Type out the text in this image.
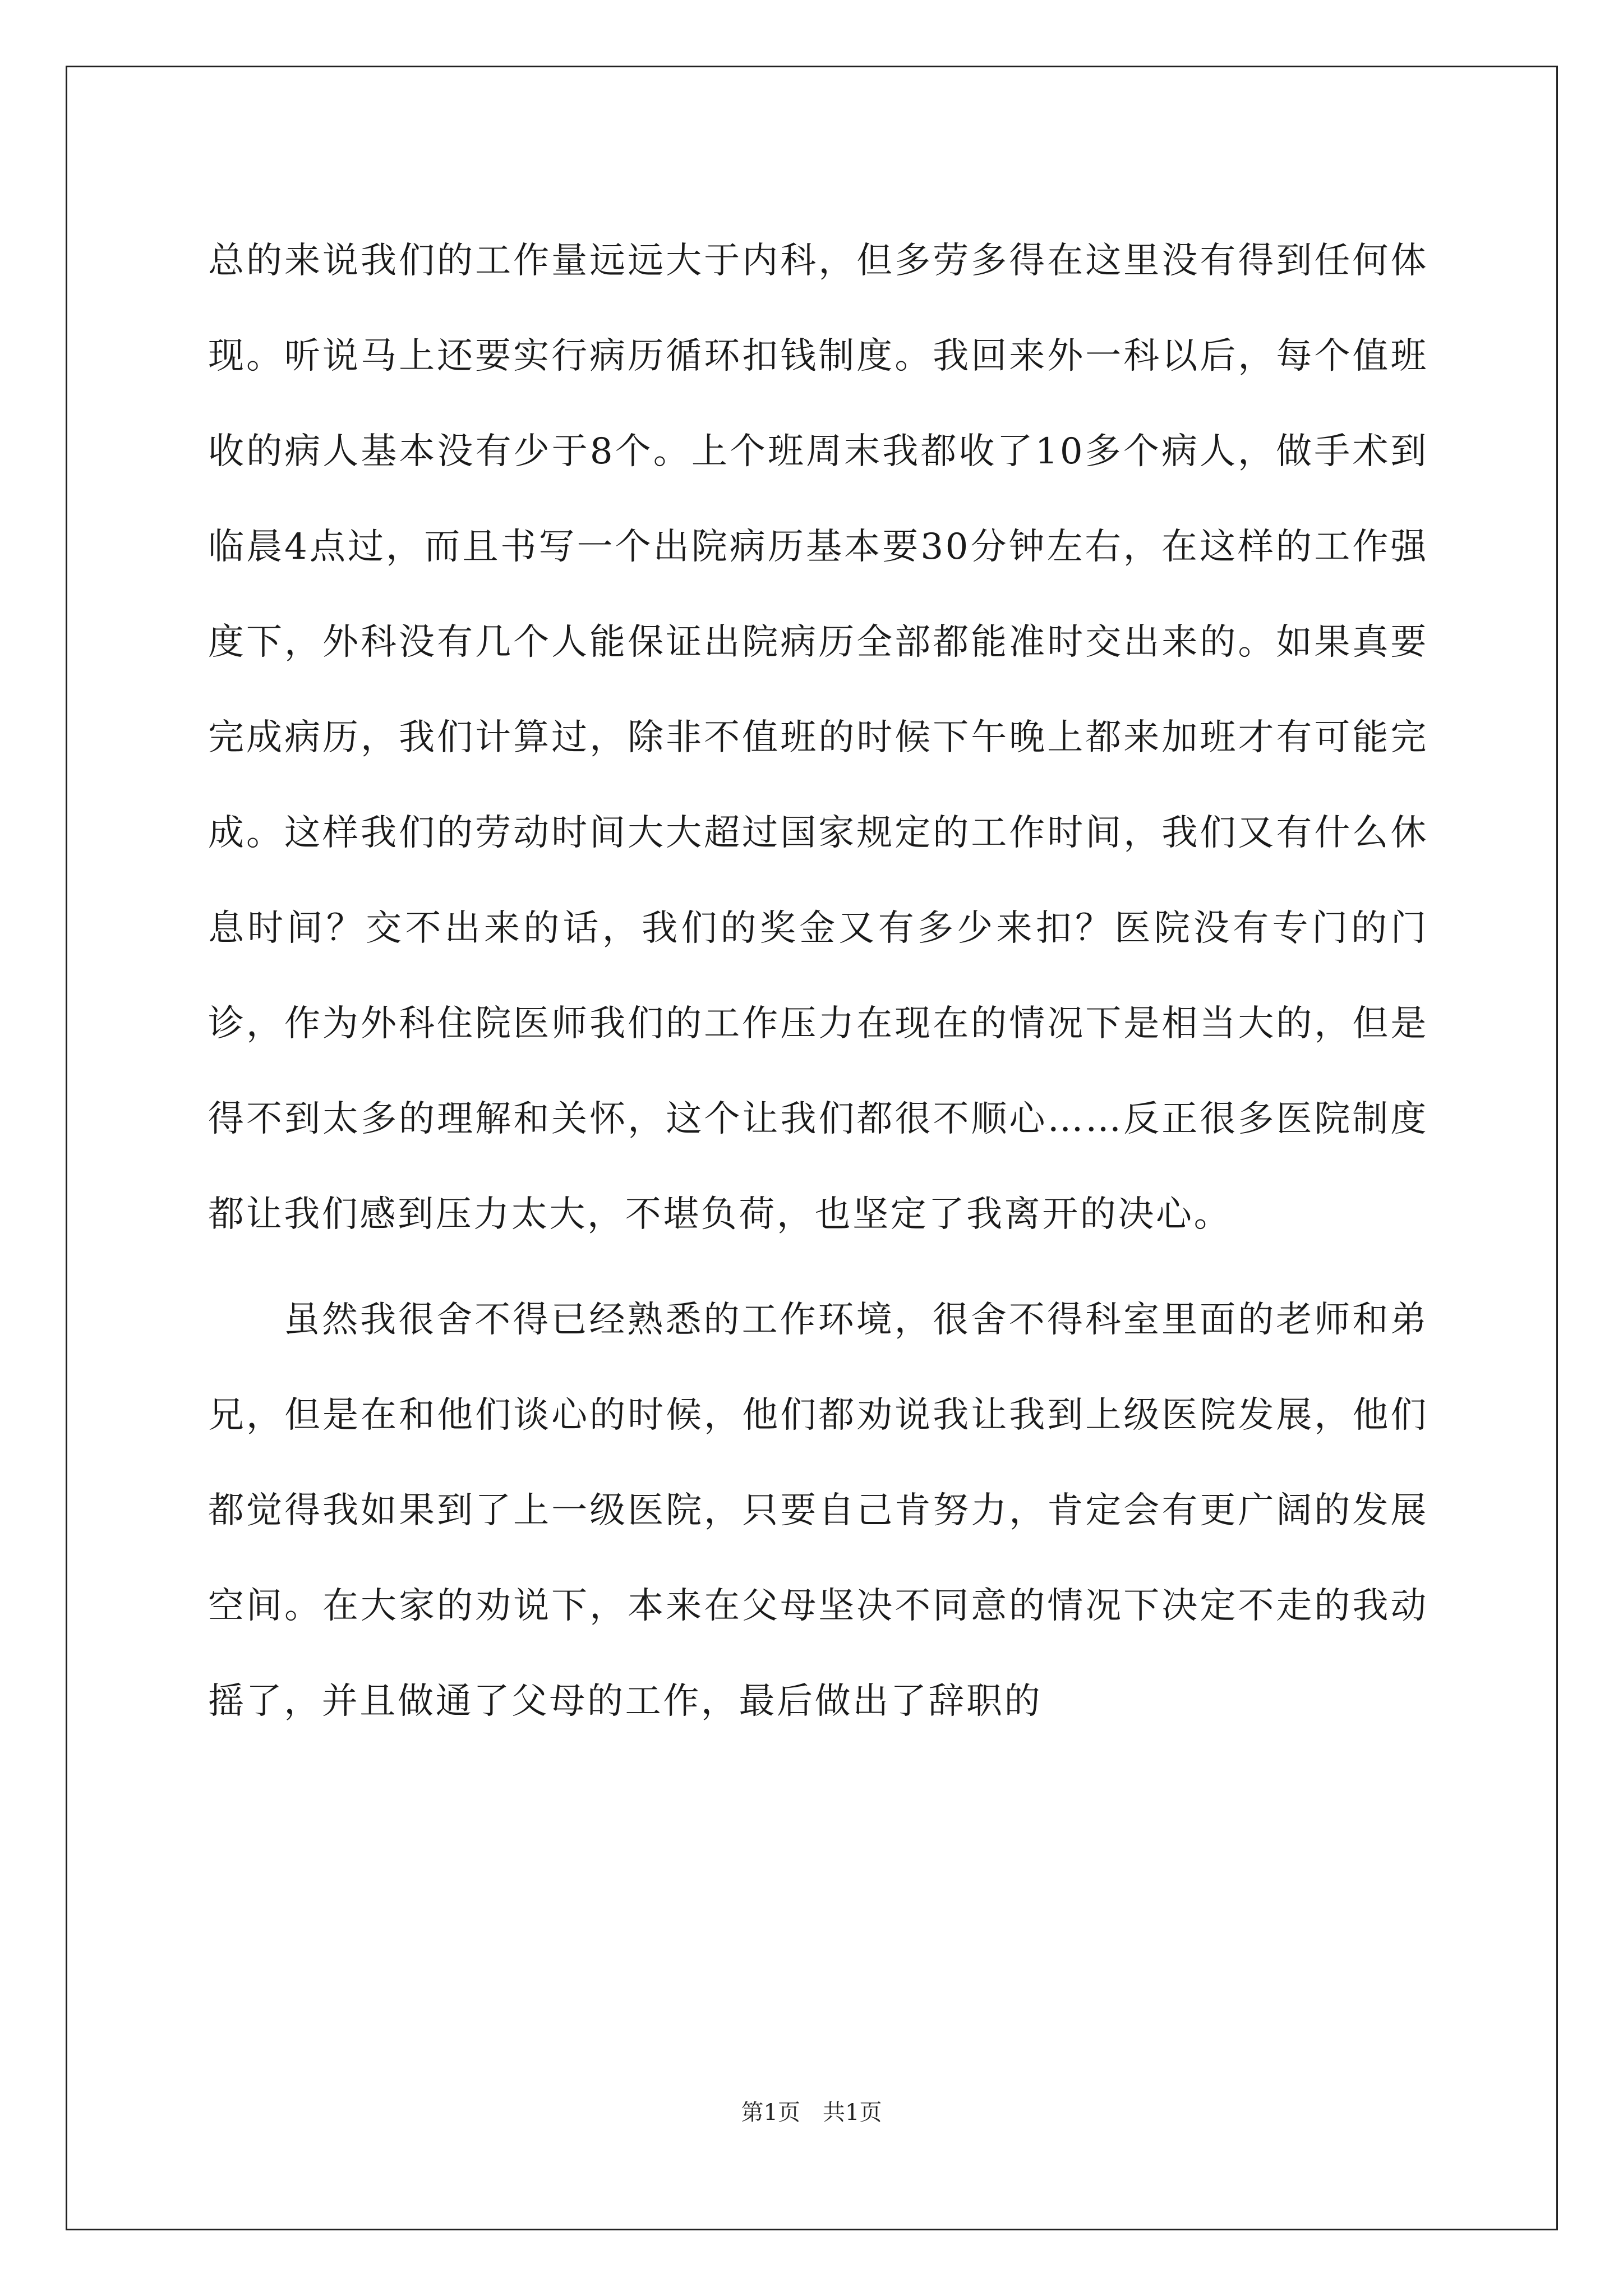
总的来说我们的工作量远远大于内科，但多劳多得在这里没有得到任何体现。听说马上还要实行病历循环扣钱制度。我回来外一科以后，每个值班收的病人基本没有少于8个。上个班周末我都收了10多个病人，做手术到临晨4点过，而且书写一个出院病历基本要30分钟左右，在这样的工作强度下，外科没有几个人能保证出院病历全部都能准时交出来的。如果真要完成病历，我们计算过，除非不值班的时候下午晚上都来加班才有可能完成。这样我们的劳动时间大大超过国家规定的工作时间，我们又有什么休息时间？交不出来的话，我们的奖金又有多少来扣？医院没有专门的门诊，作为外科住院医师我们的工作压力在现在的情况下是相当大的，但是得不到太多的理解和关怀，这个让我们都很不顺心……反正很多医院制度都让我们感到压力太大，不堪负荷，也坚定了我离开的决心。

虽然我很舍不得已经熟悉的工作环境，很舍不得科室里面的老师和弟兄，但是在和他们谈心的时候，他们都劝说我让我到上级医院发展，他们都觉得我如果到了上一级医院，只要自己肯努力，肯定会有更广阔的发展空间。在大家的劝说下，本来在父母坚决不同意的情况下决定不走的我动摇了，并且做通了父母的工作，最后做出了辞职的

第1页 共1页
